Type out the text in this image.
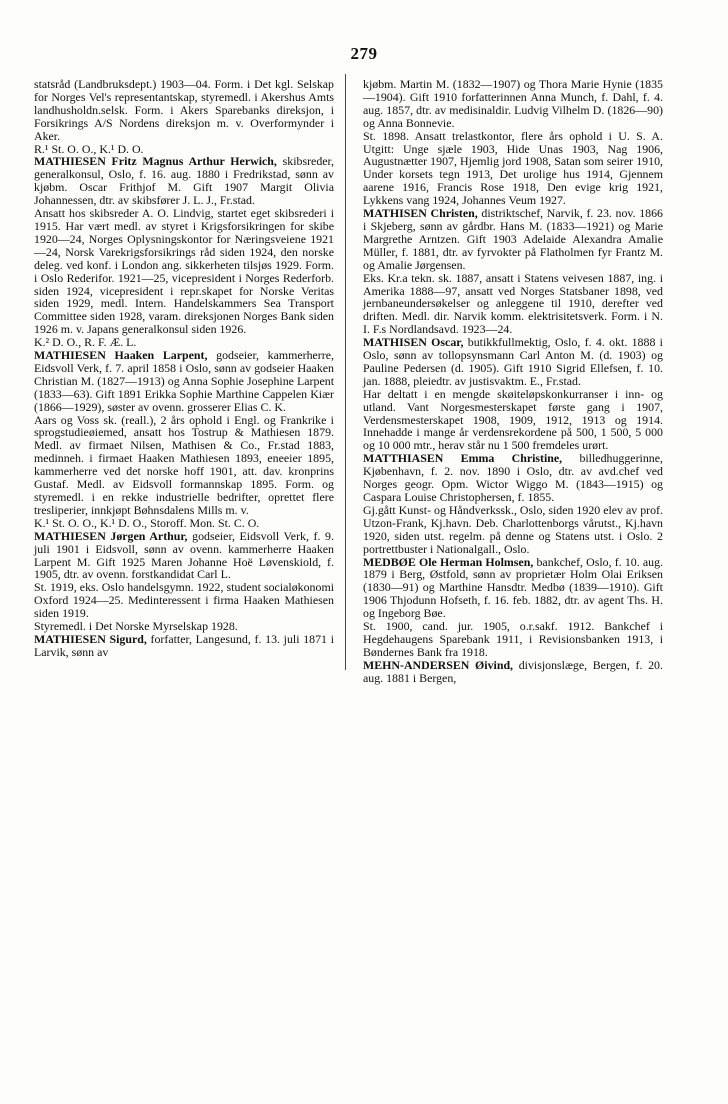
279

statsråd (Landbruksdept.) 1903—04. Form. i Det kgl. Selskap for Norges Vel's representantskap, styremedl. i Akershus Amts landhusholdn.selsk. Form. i Akers Sparebanks direksjon, i Forsikrings A/S Nordens direksjon m. v. Overformynder i Aker.

R.¹ St. O. O., K.¹ D. O.

MATHIESEN Fritz Magnus Arthur Herwich, skibsreder, generalkonsul, Oslo, f. 16. aug. 1880 i Fredrikstad, sønn av kjøbm. Oscar Frithjof M. Gift 1907 Margit Olivia Johannessen, dtr. av skibsfører J. L. J., Fr.stad.

Ansatt hos skibsreder A. O. Lindvig, startet eget skibsrederi i 1915. Har vært medl. av styret i Krigsforsikringen for skibe 1920—24, Norges Oplysningskontor for Næringsveiene 1921—24, Norsk Varekrigsforsikrings råd siden 1924, den norske deleg. ved konf. i London ang. sikkerheten tilsjøs 1929. Form. i Oslo Rederifor. 1921—25, vicepresident i Norges Rederforb. siden 1924, vicepresident i repr.skapet for Norske Veritas siden 1929, medl. Intern. Handelskammers Sea Transport Committee siden 1928, varam. direksjonen Norges Bank siden 1926 m. v. Japans generalkonsul siden 1926.

K.² D. O., R. F. Æ. L.

MATHIESEN Haaken Larpent, godseier, kammerherre, Eidsvoll Verk, f. 7. april 1858 i Oslo, sønn av godseier Haaken Christian M. (1827—1913) og Anna Sophie Josephine Larpent (1833—63). Gift 1891 Erikka Sophie Marthine Cappelen Kiær (1866—1929), søster av ovenn. grosserer Elias C. K.

Aars og Voss sk. (reall.), 2 års ophold i Engl. og Frankrike i sprogstudieøiemed, ansatt hos Tostrup & Mathiesen 1879. Medl. av firmaet Nilsen, Mathisen & Co., Fr.stad 1883, medinneh. i firmaet Haaken Mathiesen 1893, eneeier 1895, kammerherre ved det norske hoff 1901, att. dav. kronprins Gustaf. Medl. av Eidsvoll formannskap 1895. Form. og styremedl. i en rekke industrielle bedrifter, oprettet flere tresliperier, innkjøpt Bøhnsdalens Mills m. v.

K.¹ St. O. O., K.¹ D. O., Storoff. Mon. St. C. O.

MATHIESEN Jørgen Arthur, godseier, Eidsvoll Verk, f. 9. juli 1901 i Eidsvoll, sønn av ovenn. kammerherre Haaken Larpent M. Gift 1925 Maren Johanne Hoë Løvenskiold, f. 1905, dtr. av ovenn. forstkandidat Carl L.

St. 1919, eks. Oslo handelsgymn. 1922, student socialøkonomi Oxford 1924—25. Medinteressent i firma Haaken Mathiesen siden 1919.

Styremedl. i Det Norske Myrselskap 1928.

MATHIESEN Sigurd, forfatter, Langesund, f. 13. juli 1871 i Larvik, sønn av

kjøbm. Martin M. (1832—1907) og Thora Marie Hynie (1835—1904). Gift 1910 forfatterinnen Anna Munch, f. Dahl, f. 4. aug. 1857, dtr. av medisinaldir. Ludvig Vilhelm D. (1826—90) og Anna Bonnevie.

St. 1898. Ansatt trelastkontor, flere års ophold i U. S. A. Utgitt: Unge sjæle 1903, Hide Unas 1903, Nag 1906, Augustnætter 1907, Hjemlig jord 1908, Satan som seirer 1910, Under korsets tegn 1913, Det urolige hus 1914, Gjennem aarene 1916, Francis Rose 1918, Den evige krig 1921, Lykkens vang 1924, Johannes Veum 1927.

MATHISEN Christen, distriktschef, Narvik, f. 23. nov. 1866 i Skjeberg, sønn av gårdbr. Hans M. (1833—1921) og Marie Margrethe Arntzen. Gift 1903 Adelaide Alexandra Amalie Müller, f. 1881, dtr. av fyrvokter på Flatholmen fyr Frantz M. og Amalie Jørgensen.

Eks. Kr.a tekn. sk. 1887, ansatt i Statens veivesen 1887, ing. i Amerika 1888—97, ansatt ved Norges Statsbaner 1898, ved jernbaneundersøkelser og anleggene til 1910, derefter ved driften. Medl. dir. Narvik komm. elektrisitetsverk. Form. i N. I. F.s Nordlandsavd. 1923—24.

MATHISEN Oscar, butikkfullmektig, Oslo, f. 4. okt. 1888 i Oslo, sønn av tollopsynsmann Carl Anton M. (d. 1903) og Pauline Pedersen (d. 1905). Gift 1910 Sigrid Ellefsen, f. 10. jan. 1888, pleiedtr. av justisvaktm. E., Fr.stad.

Har deltatt i en mengde skøiteløpskonkurranser i inn- og utland. Vant Norgesmesterskapet første gang i 1907, Verdensmesterskapet 1908, 1909, 1912, 1913 og 1914. Innehadde i mange år verdensrekordene på 500, 1 500, 5 000 og 10 000 mtr., herav står nu 1 500 fremdeles urørt.

MATTHIASEN Emma Christine, billedhuggerinne, Kjøbenhavn, f. 2. nov. 1890 i Oslo, dtr. av avd.chef ved Norges geogr. Opm. Wictor Wiggo M. (1843—1915) og Caspara Louise Christophersen, f. 1855.

Gj.gått Kunst- og Håndverkssk., Oslo, siden 1920 elev av prof. Utzon-Frank, Kj.havn. Deb. Charlottenborgs vårutst., Kj.havn 1920, siden utst. regelm. på denne og Statens utst. i Oslo. 2 portrettbuster i Nationalgall., Oslo.

MEDBØE Ole Herman Holmsen, bankchef, Oslo, f. 10. aug. 1879 i Berg, Østfold, sønn av proprietær Holm Olai Eriksen (1830—91) og Marthine Hansdtr. Medbø (1839—1910). Gift 1906 Thjodunn Hofseth, f. 16. feb. 1882, dtr. av agent Ths. H. og Ingeborg Bøe.

St. 1900, cand. jur. 1905, o.r.sakf. 1912. Bankchef i Hegdehaugens Sparebank 1911, i Revisionsbanken 1913, i Bøndernes Bank fra 1918.

MEHN-ANDERSEN Øivind, divisjonslæge, Bergen, f. 20. aug. 1881 i Bergen,
